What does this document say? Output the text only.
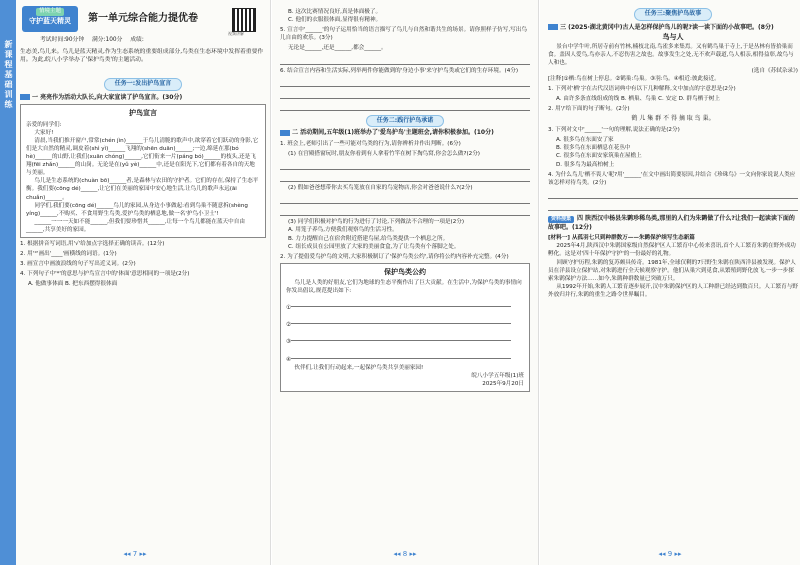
新课程基础训练
情境主题
守护蓝天精灵	第一单元综合能力提优卷
视频讲解
考试时间:90分钟 满分:100分 成绩:
生态美,鸟儿来。鸟儿是蓝天精灵,作为生态系统的重要组成部分,鸟类在生态环境中发挥着重要作用。为此,皖八小学举办了'保护鸟类'的主题活动。
任务一:发出护鸟宣言
一 亮亮作为活动大队长,向大家宣读了护鸟宣言。(30分)
护鸟宣言
亲爱的同学们:
大家好!
清晨,当我们推开窗户,常常(chén jìn)______于鸟儿清脆的歌声中,欲穿着它们跃动的身影,它们是大自然的精灵,调皮着(shì yì)______飞翔的(shēn duān)______;一边,绵延在那(bó hè)______的山野,让我们(xuān chóng)______,它们衔来一片(páng bó)______的枝头,还是飞翔(fēi zhǎn)______的山岗。无论是在(yǔ yè)______中,还是在阳光下,它们都有着各自的天地与美丽。
鸟儿是生态系统的(chuàn bō)______者,是森林与农田的守护者。它们的存在,保持了生态平衡。我们要(cōng dé)______,让它们在美丽的家园中安心地生活,让鸟儿的歌声永远(āi chuǎn)______。
同学们,我们要(cōng dé)______鸟儿的家园,从身边小事做起:看到鸟巢不随意拆(shèng yíng)______,不购买、不食用野生鸟类,爱护鸟类的栖息地,做一名'护鸟小卫士'!
______一一一天如不能______,但我们要珍惜其______,让每一个鸟儿都能在蓝天中自由______,共享美好的家园。
1. 根据拼音写词语,用'√'给加点字选择正确的读音。(12分)
2. 用'°'画出'____'画横线的词语。(1分)
3. 画宣言中画波浪线的句子写出近义词。(2分)
4. 下列句子中'*'的意思与护鸟宣言中的'体面'意思相同的一项是(2分)
A. 他做事体面 B. 把东西摆得很体面
◂◂ 7 ▸▸
B. 这次比赛情况良好,真是体面极了。
C. 他们的衣服很体面,显得很有精神。
5. 宣言中'______'的句子运用恰当的语言描写了鸟儿与自然和谐共生的场景。请你照样子仿写,写出鸟儿自由的欢乐。(3分)
无论是______,还是______,都会______。
6. 结合宣言内容和生活实际,列举两件你能做到的'身边小事'来守护鸟类或它们的生存环境。(4分)
任务二:践行护鸟承诺
二 活动期间,五年级(1)班举办了'爱鸟护鸟'主题班会,请你积极参加。(10分)
1. 班会上,老师引出了一些可能对鸟类的行为,请你辨析并作出判断。(6分)
(1) 在宫殿搭窗玩时,朋友你看到有人拿着竹竿在树下掏鸟窝,你会怎么做?(2分)
(2) 假如爸爸想带你去买鸟笼放在自家的鸟宠物店,你会对爸爸说什么?(2分)
(3) 同学们积极对护鸟的行为进行了讨论,下列做法不合理的一项是(2分)
A. 用笼子养鸟,方便我们观察鸟的生活习性。
B. 力力提醒自己在宿舍附近搭建鸟屋,给鸟类提供一个栖息之所。
C. 组长成员在公园里放了大家的美丽食盒,为了让鸟类有个落脚之处。
2. 为了提倡爱鸟护鸟的文明,大家积极制订了'保护鸟类公约',请你将公约内容补充完整。(4分)
保护鸟类公约
鸟儿是人类的好朋友,它们为地球的生态平衡作出了巨大贡献。在生活中,为保护鸟类的事情向你发出倡议,规范提出如下:
①
②
③
④
伙伴们,让我们行动起来,一起保护鸟类共享美丽家园!
皖八小学五年级(1)班
2025年9月20日
◂◂ 8 ▸▸
任务三:聚焦护鸟故事
三 (2025·湖北黄冈中)古人是怎样保护鸟儿的呢?读一读下面的小故事吧。(8分)
鸟与人
景台中学牛叶,所居寺前有竹林,楠枝北南,鸟雀多来集焉。又有鹤鸟巢于寺上,于是丛林有皆拾巢而食。盖因人爱鸟,鸟亦亲人,不忍伤害之故也。故事发生之处,无不欢声载道,鸟人相亲,相得益彰,故鸟与人和也。
(选自《苏轼杂录》)
[注释]①栖:鸟在树上停息。②鹤巢:鸟巢。③羽:鸟。④相近:彼此接近。
1. 下列对'栖'字在古代汉语词典中有以下几种解释,文中加点的字意思是(2分)
A. 由许多条直线组成的线 B. 栖巢、鸟巢 C. 安定 D. 群鸟栖于树上
2. 用'/'给下面的句子断句。(2分)
鹤 儿 集 群 不 得 摘 取 鸟 巢。
3. 下列对文中'______'一句的理解,说法正确的是(2分)
A. 很多鸟在东面安了家
B. 很多鸟在东面栖息在花丛中
C. 很多鸟在东面安家筑巢在屋檐上
D. 很多鸟为最高柏树上
4. 为什么鸟儿'栖不畏人'呢?用'______'在文中画出简要原因,并结合《珍珠鸟》一文向你家说说人类应该怎样对待鸟类。(2分)
资料搜集 四 陕西汉中杨县朱鹮珍稀鸟类,那里的人们为朱鹮做了什么?让我们一起读读下面的故事吧。(12分)
[材料一] 从孤羽七只到种群数万——朱鹮保护续写生态新篇
2025年4月,陕西汉中朱鹮国家级自然保护区人工繁育中心传来喜讯,首个人工繁育朱鹮在野外成功孵化。这是对'四十年保护守护'的一份最好的礼物。
回顾守护历程,朱鹮的复苏颇具传奇。1981年,全球仅剩的7只野生朱鹮在陕西洋县被发现。保护人员在洋县设立保护站,对朱鹮进行全天候观察守护。他们从巢穴到觅食,从繁殖到野化放飞,一步一步探索朱鹮保护方法……如今,朱鹮种群数量已突破万只。
从1992年开始,朱鹮人工繁育逐步展开,汉中朱鹮保护区的人工种群已经达到数百只。人工繁育与野外放归并行,朱鹮的重生之路令世界瞩目。
◂◂ 9 ▸▸
